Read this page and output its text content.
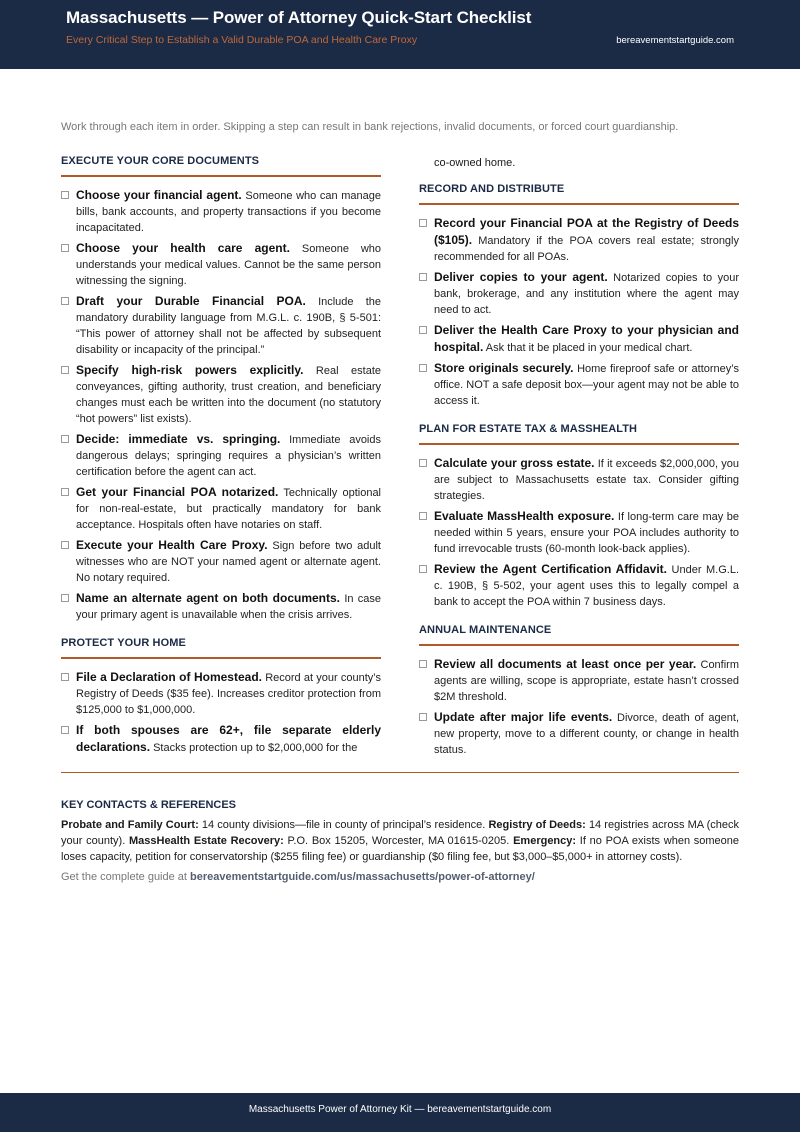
Massachusetts — Power of Attorney Quick-Start Checklist
Every Critical Step to Establish a Valid Durable POA and Health Care Proxy	bereavementstartguide.com
Work through each item in order. Skipping a step can result in bank rejections, invalid documents, or forced court guardianship.
EXECUTE YOUR CORE DOCUMENTS
Choose your financial agent. Someone who can manage bills, bank accounts, and property transactions if you become incapacitated.
Choose your health care agent. Someone who understands your medical values. Cannot be the same person witnessing the signing.
Draft your Durable Financial POA. Include the mandatory durability language from M.G.L. c. 190B, § 5-501: “This power of attorney shall not be affected by subsequent disability or incapacity of the principal.”
Specify high-risk powers explicitly. Real estate conveyances, gifting authority, trust creation, and beneficiary changes must each be written into the document (no statutory “hot powers” list exists).
Decide: immediate vs. springing. Immediate avoids dangerous delays; springing requires a physician’s written certification before the agent can act.
Get your Financial POA notarized. Technically optional for non-real-estate, but practically mandatory for bank acceptance. Hospitals often have notaries on staff.
Execute your Health Care Proxy. Sign before two adult witnesses who are NOT your named agent or alternate agent. No notary required.
Name an alternate agent on both documents. In case your primary agent is unavailable when the crisis arrives.
PROTECT YOUR HOME
File a Declaration of Homestead. Record at your county’s Registry of Deeds ($35 fee). Increases creditor protection from $125,000 to $1,000,000.
If both spouses are 62+, file separate elderly declarations. Stacks protection up to $2,000,000 for the
co-owned home.
RECORD AND DISTRIBUTE
Record your Financial POA at the Registry of Deeds ($105). Mandatory if the POA covers real estate; strongly recommended for all POAs.
Deliver copies to your agent. Notarized copies to your bank, brokerage, and any institution where the agent may need to act.
Deliver the Health Care Proxy to your physician and hospital. Ask that it be placed in your medical chart.
Store originals securely. Home fireproof safe or attorney’s office. NOT a safe deposit box—your agent may not be able to access it.
PLAN FOR ESTATE TAX & MASSHEALTH
Calculate your gross estate. If it exceeds $2,000,000, you are subject to Massachusetts estate tax. Consider gifting strategies.
Evaluate MassHealth exposure. If long-term care may be needed within 5 years, ensure your POA includes authority to fund irrevocable trusts (60-month look-back applies).
Review the Agent Certification Affidavit. Under M.G.L. c. 190B, § 5-502, your agent uses this to legally compel a bank to accept the POA within 7 business days.
ANNUAL MAINTENANCE
Review all documents at least once per year. Confirm agents are willing, scope is appropriate, estate hasn’t crossed $2M threshold.
Update after major life events. Divorce, death of agent, new property, move to a different county, or change in health status.
KEY CONTACTS & REFERENCES
Probate and Family Court: 14 county divisions—file in county of principal’s residence. Registry of Deeds: 14 registries across MA (check your county). MassHealth Estate Recovery: P.O. Box 15205, Worcester, MA 01615-0205. Emergency: If no POA exists when someone loses capacity, petition for conservatorship ($255 filing fee) or guardianship ($0 filing fee, but $3,000–$5,000+ in attorney costs).
Get the complete guide at bereavementstartguide.com/us/massachusetts/power-of-attorney/
Massachusetts Power of Attorney Kit — bereavementstartguide.com
